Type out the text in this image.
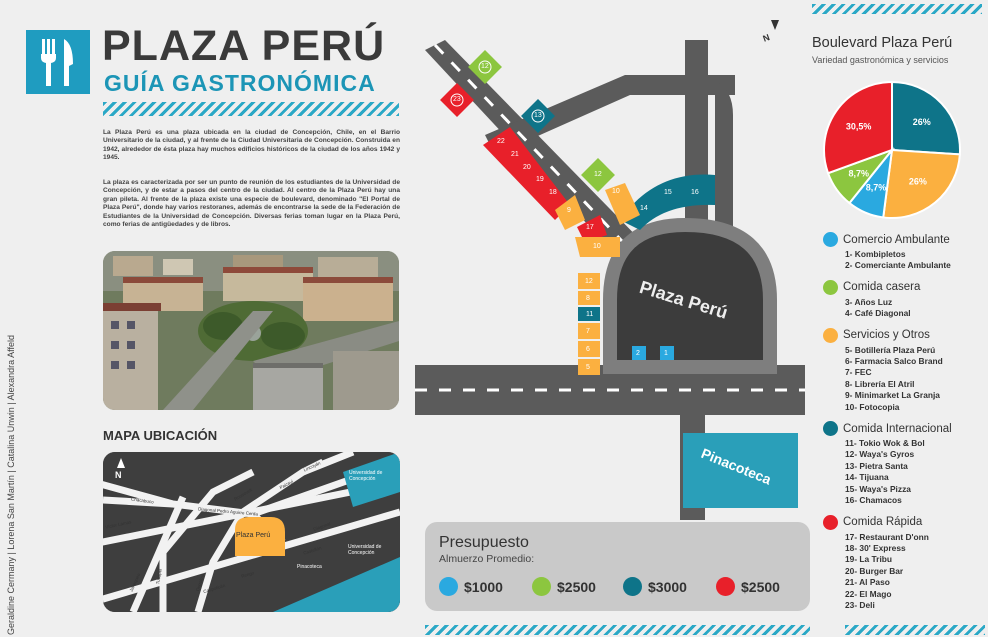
Geraldine Cermany | Lorena San Martín | Catalina Unwin | Alexandra Affeld
PLAZA PERÚ
GUÍA GASTRONÓMICA
La Plaza Perú es una plaza ubicada en la ciudad de Concepción, Chile, en el Barrio Universitario de la ciudad, y al frente de la Ciudad Universitaria de Concepción. Construida en 1942, alrededor de ésta plaza hay muchos edificios históricos de la ciudad de los años 1942 y 1945.
La plaza es caracterizada por ser un punto de reunión de los estudiantes de la Universidad de Concepción, y de estar a pasos del centro de la ciudad. Al centro de la Plaza Perú hay una gran pileta. Al frente de la plaza existe una especie de boulevard, denominado "El Portal de Plaza Perú", donde hay varios restoranes, además de encontrarse la sede de la Federación de Estudiantes de la Universidad de Concepción. Diversas ferias toman lugar en la Plaza Perú, como ferias de antigüedades y de libros.
MAPA UBICACIÓN
N
Plaza Perú
Universidad de Concepción
Universidad de Concepción
Pinacoteca
Víctor Lamas
Chacabuco
Diagonal Pedro Aguirre Cerda
Roosevelt
Paicaví
Lincoyán
Janequeo	Tucapel	Ongolmo
Diagonal
Castellón
Rengo
Caupolicán
12
23
13
22
21
20
19
18
12
9
10
17
14
15	16
10
12
8
11
7
6
5
2	1
Plaza Perú
Pinacoteca
N
Presupuesto
Almuerzo Promedio:
$1000	$2500	$3000	$2500
Boulevard Plaza Perú
Variedad gastronómica y servicios
26%
26%
8,7%
8,7%
30,5%
Comercio Ambulante
1- Kombipletos
2- Comerciante Ambulante
Comida casera
3- Años Luz
4- Café Diagonal
Servicios y Otros
5- Botillería Plaza Perú
6- Farmacia Salco Brand
7- FEC
8- Librería El Atril
9- Minimarket La Granja
10- Fotocopia
Comida Internacional
11- Tokio Wok & Bol
12- Waya's Gyros
13- Pietra Santa
14- Tijuana
15- Waya's Pizza
16- Chamacos
Comida Rápida
17- Restaurant D'onn
18- 30' Express
19- La Tribu
20- Burger Bar
21- Al Paso
22- El Mago
23- Deli
